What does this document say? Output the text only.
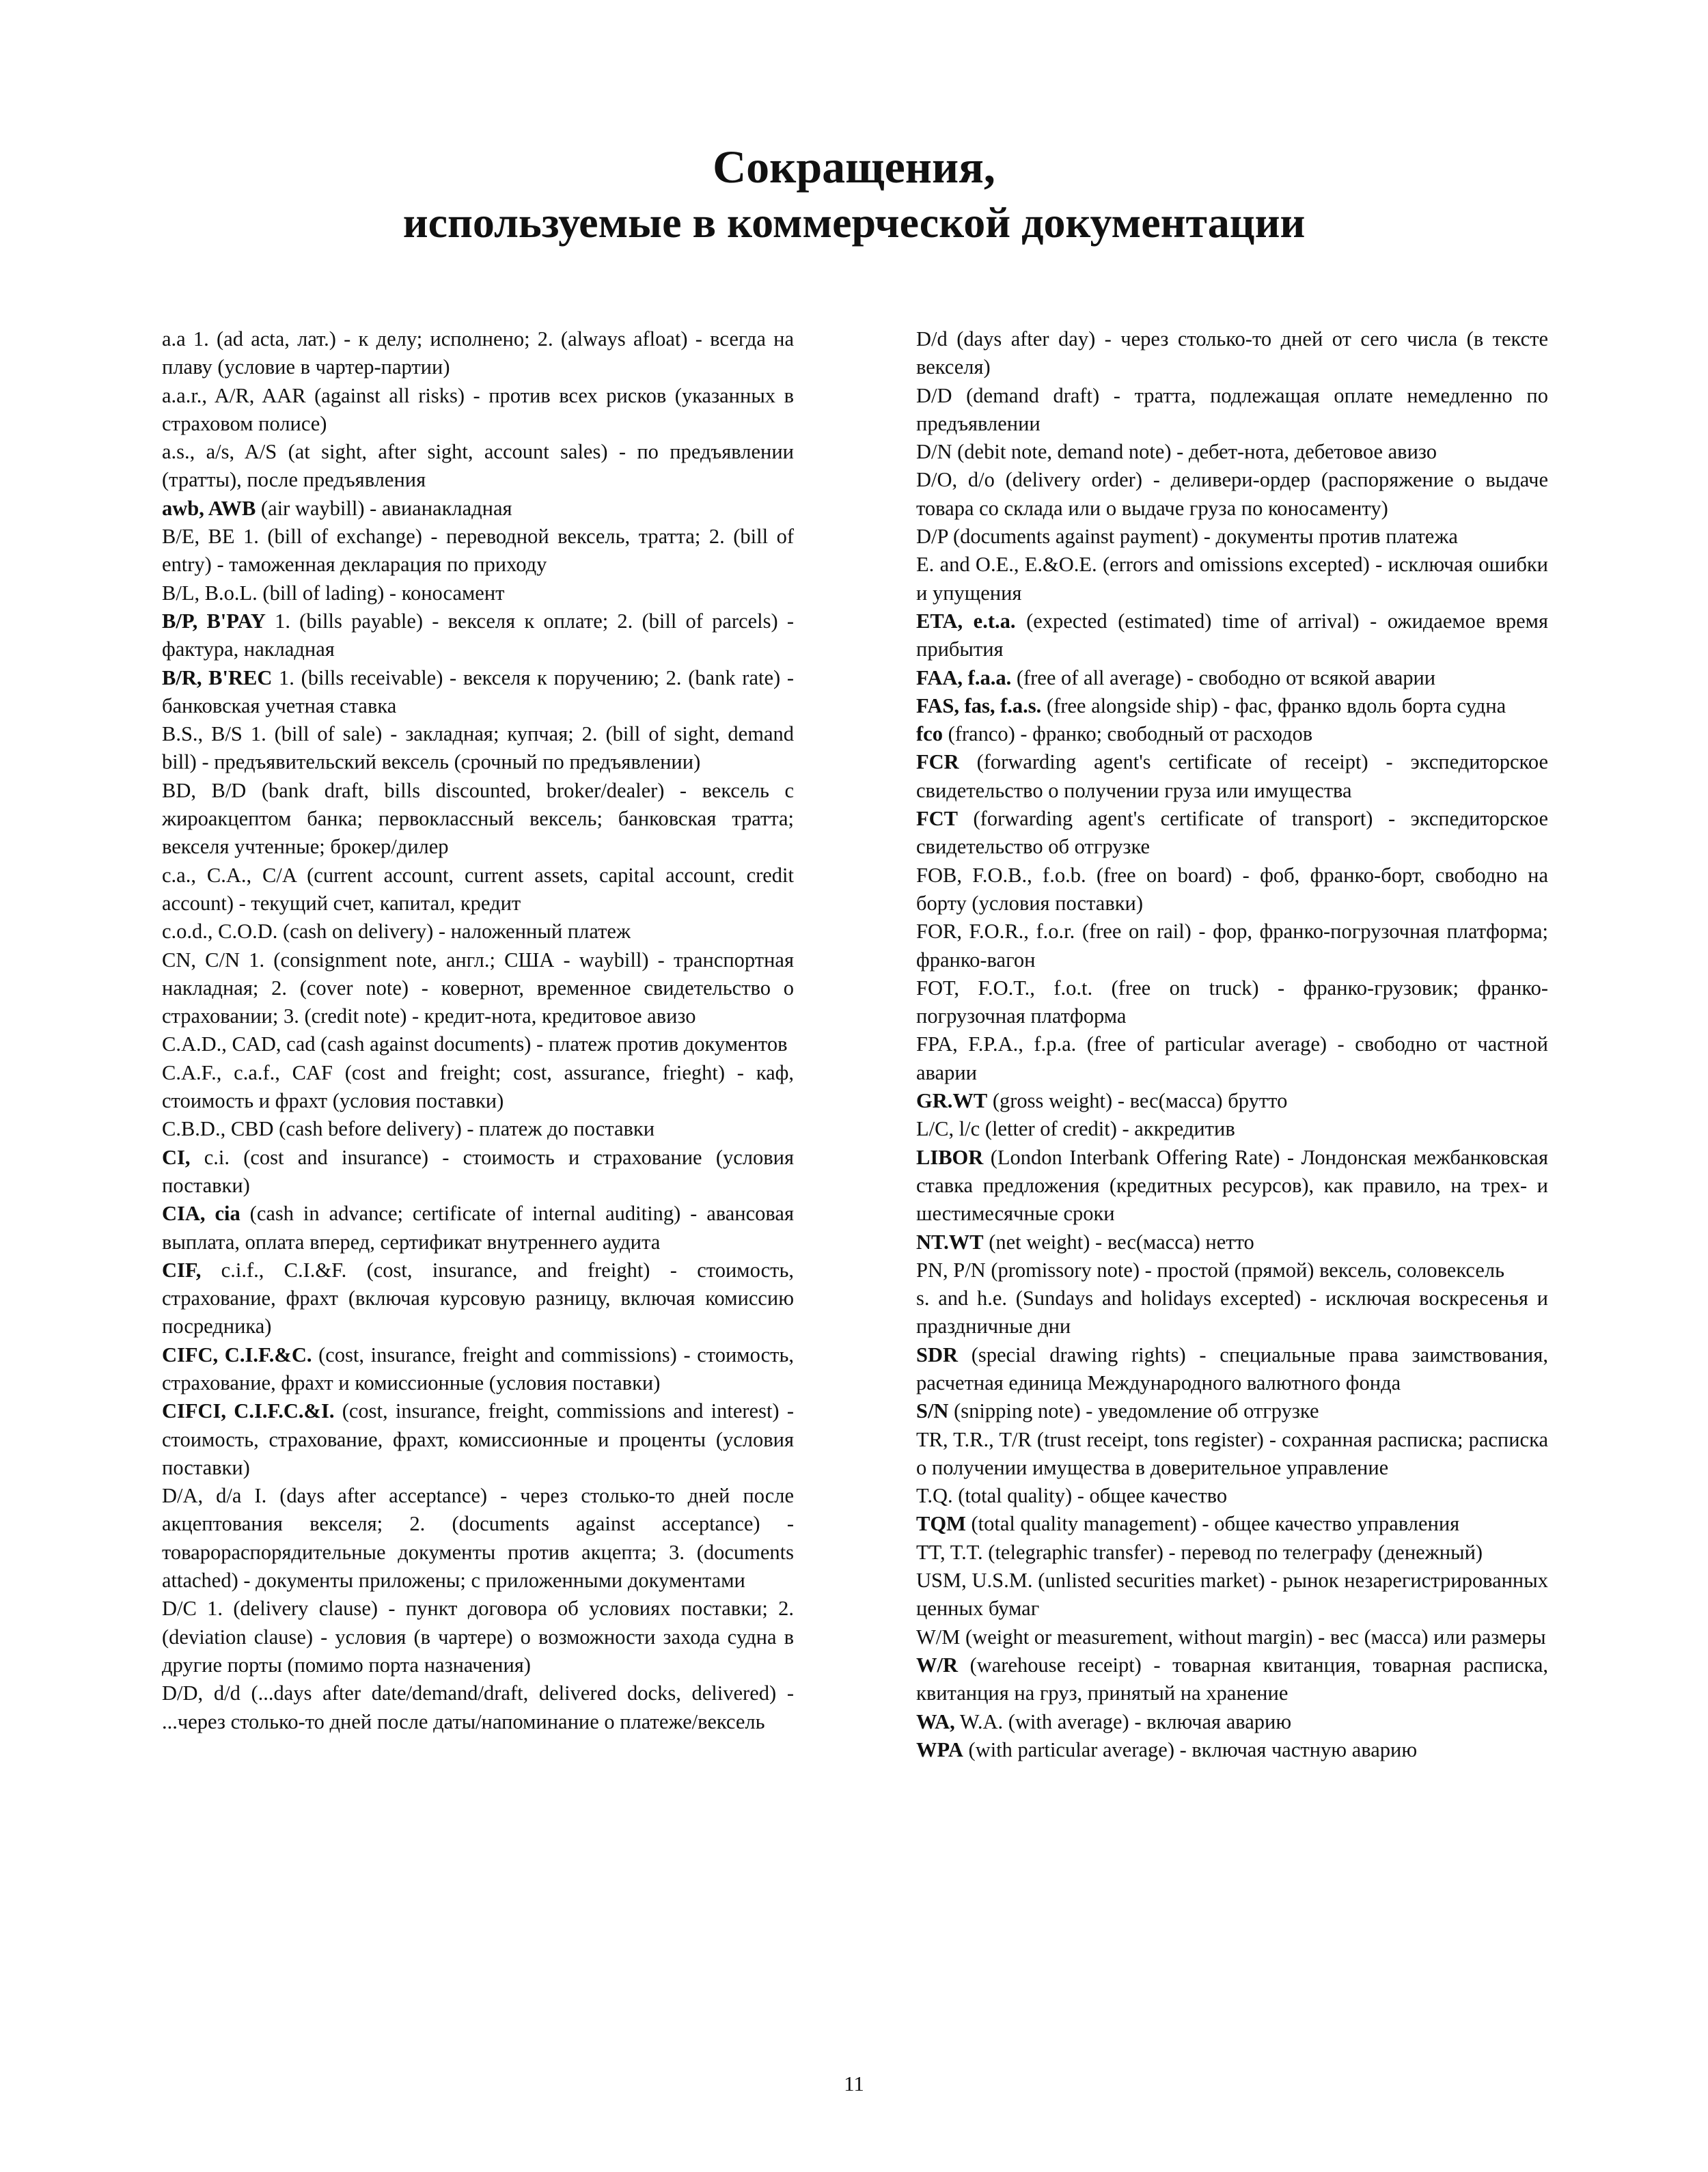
Сокращения,
используемые в коммерческой документации

a.a 1. (ad acta, лат.) - к делу; исполнено; 2. (always afloat) - всегда на плаву (условие в чартер-партии)

a.a.r., A/R, AAR (against all risks) - против всех рисков (указанных в страховом полисе)

a.s., a/s, A/S (at sight, after sight, account sales) - по предъявлении (тратты), после предъявления

awb, AWB (air waybill) - авианакладная

B/E, BE 1. (bill of exchange) - переводной вексель, тратта; 2. (bill of entry) - таможенная декларация по приходу

B/L, B.o.L. (bill of lading) - коносамент

B/P, B'PAY 1. (bills payable) - векселя к оплате; 2. (bill of parcels) - фактура, накладная

B/R, B'REC 1. (bills receivable) - векселя к поручению; 2. (bank rate) - банковская учетная ставка

B.S., B/S 1. (bill of sale) - закладная; купчая; 2. (bill of sight, demand bill) - предъявительский вексель (срочный по предъявлении)

BD, B/D (bank draft, bills discounted, broker/dealer) - вексель с жироакцептом банка; первоклассный вексель; банковская тратта; векселя учтенные; брокер/дилер

c.a., C.A., C/A (current account, current assets, capital account, credit account) - текущий счет, капитал, кредит

c.o.d., C.O.D. (cash on delivery) - наложенный платеж

CN, C/N 1. (consignment note, англ.; США - waybill) - транспортная накладная; 2. (cover note) - ковернот, временное свидетельство о страховании; 3. (credit note) - кредит-нота, кредитовое авизо

C.A.D., CAD, cad (cash against documents) - платеж против документов

C.A.F., c.a.f., CAF (cost and freight; cost, assurance, frieght) - каф, стоимость и фрахт (условия поставки)

C.B.D., CBD (cash before delivery) - платеж до поставки

CI, c.i. (cost and insurance) - стоимость и страхование (условия поставки)

CIA, cia (cash in advance; certificate of internal auditing) - авансовая выплата, оплата вперед, сертификат внутреннего аудита

CIF, c.i.f., C.I.&F. (cost, insurance, and freight) - стоимость, страхование, фрахт (включая курсовую разницу, включая комиссию посредника)

CIFC, C.I.F.&C. (cost, insurance, freight and commissions) - стоимость, страхование, фрахт и комиссионные (условия поставки)

CIFCI, C.I.F.C.&I. (cost, insurance, freight, commissions and interest) - стоимость, страхование, фрахт, комиссионные и проценты (условия поставки)

D/A, d/a I. (days after acceptance) - через столько-то дней после акцептования векселя; 2. (documents against acceptance) - товарораспорядительные документы против акцепта; 3. (documents attached) - документы приложены; с приложенными документами

D/C 1. (delivery clause) - пункт договора об условиях поставки; 2. (deviation clause) - условия (в чартере) о возможности захода судна в другие порты (помимо порта назначения)

D/D, d/d (...days after date/demand/draft, delivered docks, delivered) - ...через столько-то дней после даты/напоминание о платеже/вексель

D/d (days after day) - через столько-то дней от сего числа (в тексте векселя)

D/D (demand draft) - тратта, подлежащая оплате немедленно по предъявлении

D/N (debit note, demand note) - дебет-нота, дебетовое авизо

D/O, d/o (delivery order) - деливери-ордер (распоряжение о выдаче товара со склада или о выдаче груза по коносаменту)

D/P (documents against payment) - документы против платежа

E. and O.E., E.&O.E. (errors and omissions excepted) - исключая ошибки и упущения

ETA, e.t.a. (expected (estimated) time of arrival) - ожидаемое время прибытия

FAA, f.a.a. (free of all average) - свободно от всякой аварии

FAS, fas, f.a.s. (free alongside ship) - фас, франко вдоль борта судна

fco (franco) - франко; свободный от расходов

FCR (forwarding agent's certificate of receipt) - экспедиторское свидетельство о получении груза или имущества

FCT (forwarding agent's certificate of transport) - экспедиторское свидетельство об отгрузке

FOB, F.O.B., f.o.b. (free on board) - фоб, франко-борт, свободно на борту (условия поставки)

FOR, F.O.R., f.o.r. (free on rail) - фор, франко-погрузочная платформа; франко-вагон

FOT, F.O.T., f.o.t. (free on truck) - франко-грузовик; франко-погрузочная платформа

FPA, F.P.A., f.p.a. (free of particular average) - свободно от частной аварии

GR.WT (gross weight) - вес(масса) брутто

L/C, l/c (letter of credit) - аккредитив

LIBOR (London Interbank Offering Rate) - Лондонская межбанковская ставка предложения (кредитных ресурсов), как правило, на трех- и шестимесячные сроки

NT.WT (net weight) - вес(масса) нетто

PN, P/N (promissory note) - простой (прямой) вексель, соловексель

s. and h.e. (Sundays and holidays excepted) - исключая воскресенья и праздничные дни

SDR (special drawing rights) - специальные права заимствования, расчетная единица Международного валютного фонда

S/N (snipping note) - уведомление об отгрузке

TR, T.R., T/R (trust receipt, tons register) - сохранная расписка; расписка о получении имущества в доверительное управление

T.Q. (total quality) - общее качество

TQM (total quality management) - общее качество управления

TT, T.T. (telegraphic transfer) - перевод по телеграфу (денежный)

USM, U.S.M. (unlisted securities market) - рынок незарегистрированных ценных бумаг

W/M (weight or measurement, without margin) - вес (масса) или размеры

W/R (warehouse receipt) - товарная квитанция, товарная расписка, квитанция на груз, принятый на хранение

WA, W.A. (with average) - включая аварию

WPA (with particular average) - включая частную аварию

11
